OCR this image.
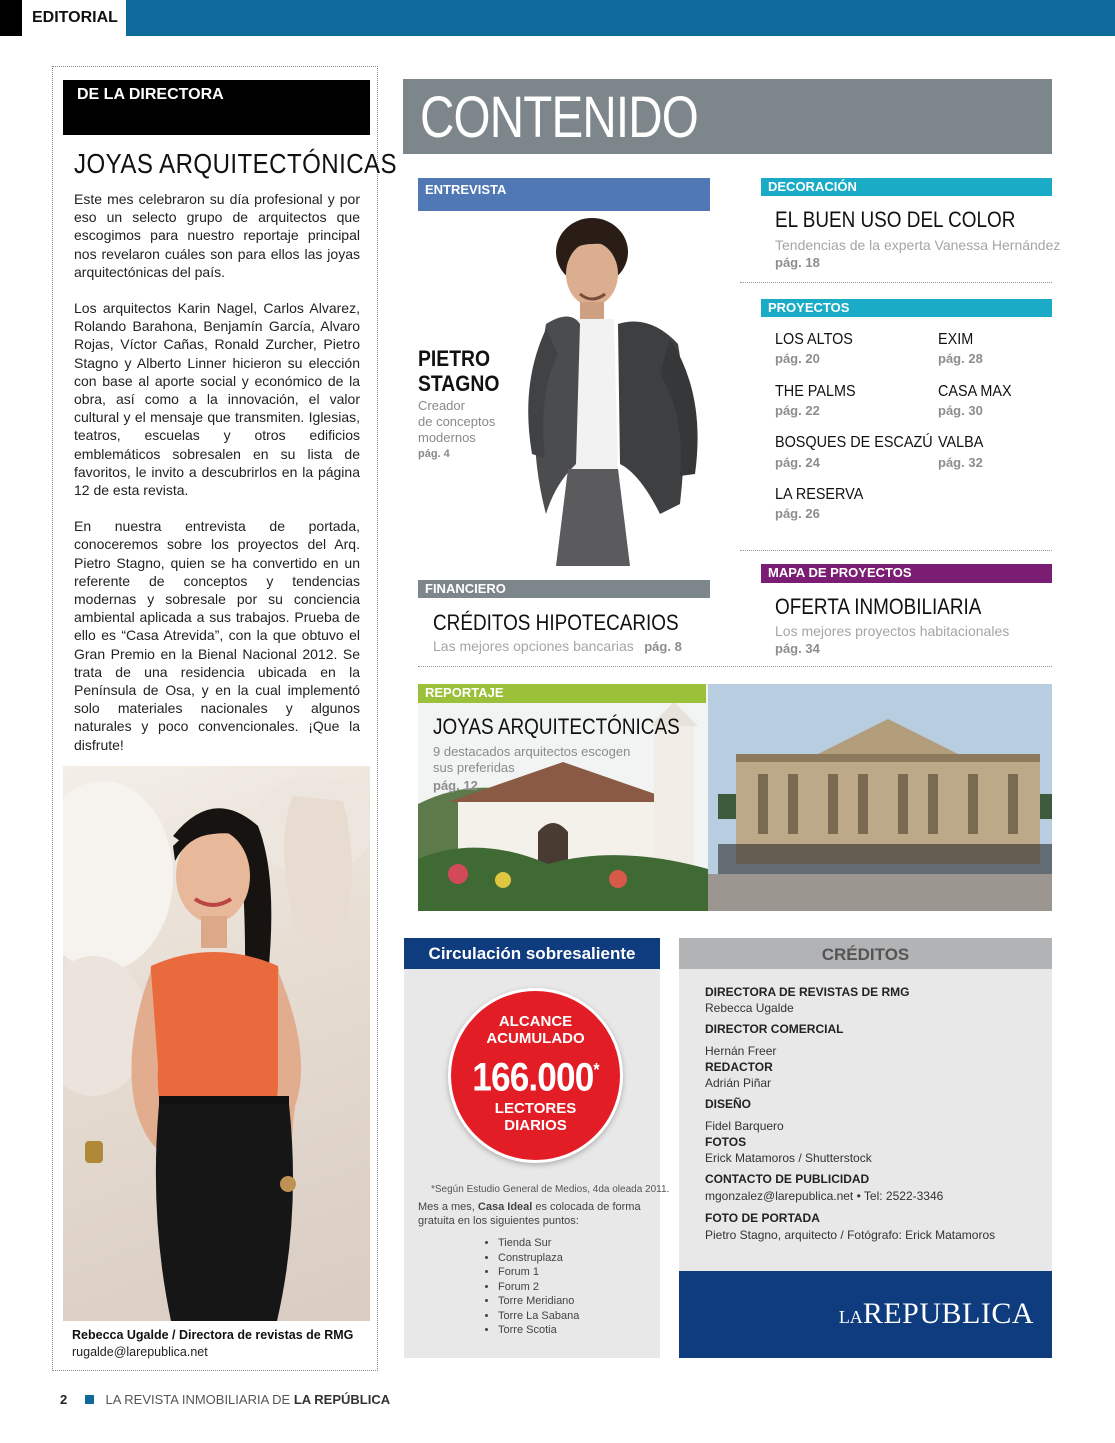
EDITORIAL
DE LA DIRECTORA
JOYAS ARQUITECTÓNICAS

Este mes celebraron su día profesional y por eso un selecto grupo de arquitectos que escogimos para nuestro reportaje principal nos revelaron cuáles son para ellos las joyas arquitectónicas del país.

Los arquitectos Karin Nagel, Carlos Alvarez, Rolando Barahona, Benjamín García, Alvaro Rojas, Víctor Cañas, Ronald Zurcher, Pietro Stagno y Alberto Linner hicieron su elección con base al aporte social y económico de la obra, así como a la innovación, el valor cultural y el mensaje que transmiten. Iglesias, teatros, escuelas y otros edificios emblemáticos sobresalen en su lista de favoritos, le invito a descubrirlos en la página 12 de esta revista.

En nuestra entrevista de portada, conoceremos sobre los proyectos del Arq. Pietro Stagno, quien se ha convertido en un referente de conceptos y tendencias modernas y sobresale por su conciencia ambiental aplicada a sus trabajos. Prueba de ello es “Casa Atrevida”, con la que obtuvo el Gran Premio en la Bienal Nacional 2012. Se trata de una residencia ubicada en la Península de Osa, y en la cual implementó solo materiales nacionales y algunos naturales y poco convencionales. ¡Que la disfrute!

Rebecca Ugalde / Directora de revistas de RMG
rugalde@larepublica.net
CONTENIDO
ENTREVISTA
PIETRO
STAGNO
Creador
de conceptos
modernos
pág. 4
DECORACIÓN
EL BUEN USO DEL COLOR
Tendencias de la experta Vanessa Hernández
pág. 18
PROYECTOS
LOS ALTOS
pág. 20
EXIM
pág. 28
THE PALMS
pág. 22
CASA MAX
pág. 30
BOSQUES DE ESCAZÚ
pág. 24
VALBA
pág. 32
LA RESERVA
pág. 26
FINANCIERO
CRÉDITOS HIPOTECARIOS
Las mejores opciones bancarias pág. 8
MAPA DE PROYECTOS
OFERTA INMOBILIARIA
Los mejores proyectos habitacionales
pág. 34
REPORTAJE
JOYAS ARQUITECTÓNICAS
9 destacados arquitectos escogen
sus preferidas
pág. 12
Circulación sobresaliente
ALCANCE
ACUMULADO
166.000*
LECTORES
DIARIOS
*Según Estudio General de Medios, 4da oleada 2011.
Mes a mes, Casa Ideal es colocada de forma gratuita en los siguientes puntos:
• Tienda Sur
• Construplaza
• Forum 1
• Forum 2
• Torre Meridiano
• Torre La Sabana
• Torre Scotia
CRÉDITOS
DIRECTORA DE REVISTAS DE RMG
Rebecca Ugalde
DIRECTOR COMERCIAL
Hernán Freer
REDACTOR
Adrián Piñar
DISEÑO
Fidel Barquero
FOTOS
Erick Matamoros / Shutterstock
CONTACTO DE PUBLICIDAD
mgonzalez@larepublica.net • Tel: 2522-3346
FOTO DE PORTADA
Pietro Stagno, arquitecto / Fotógrafo: Erick Matamoros
LAREPUBLICA
2	LA REVISTA INMOBILIARIA DE LA REPÚBLICA
